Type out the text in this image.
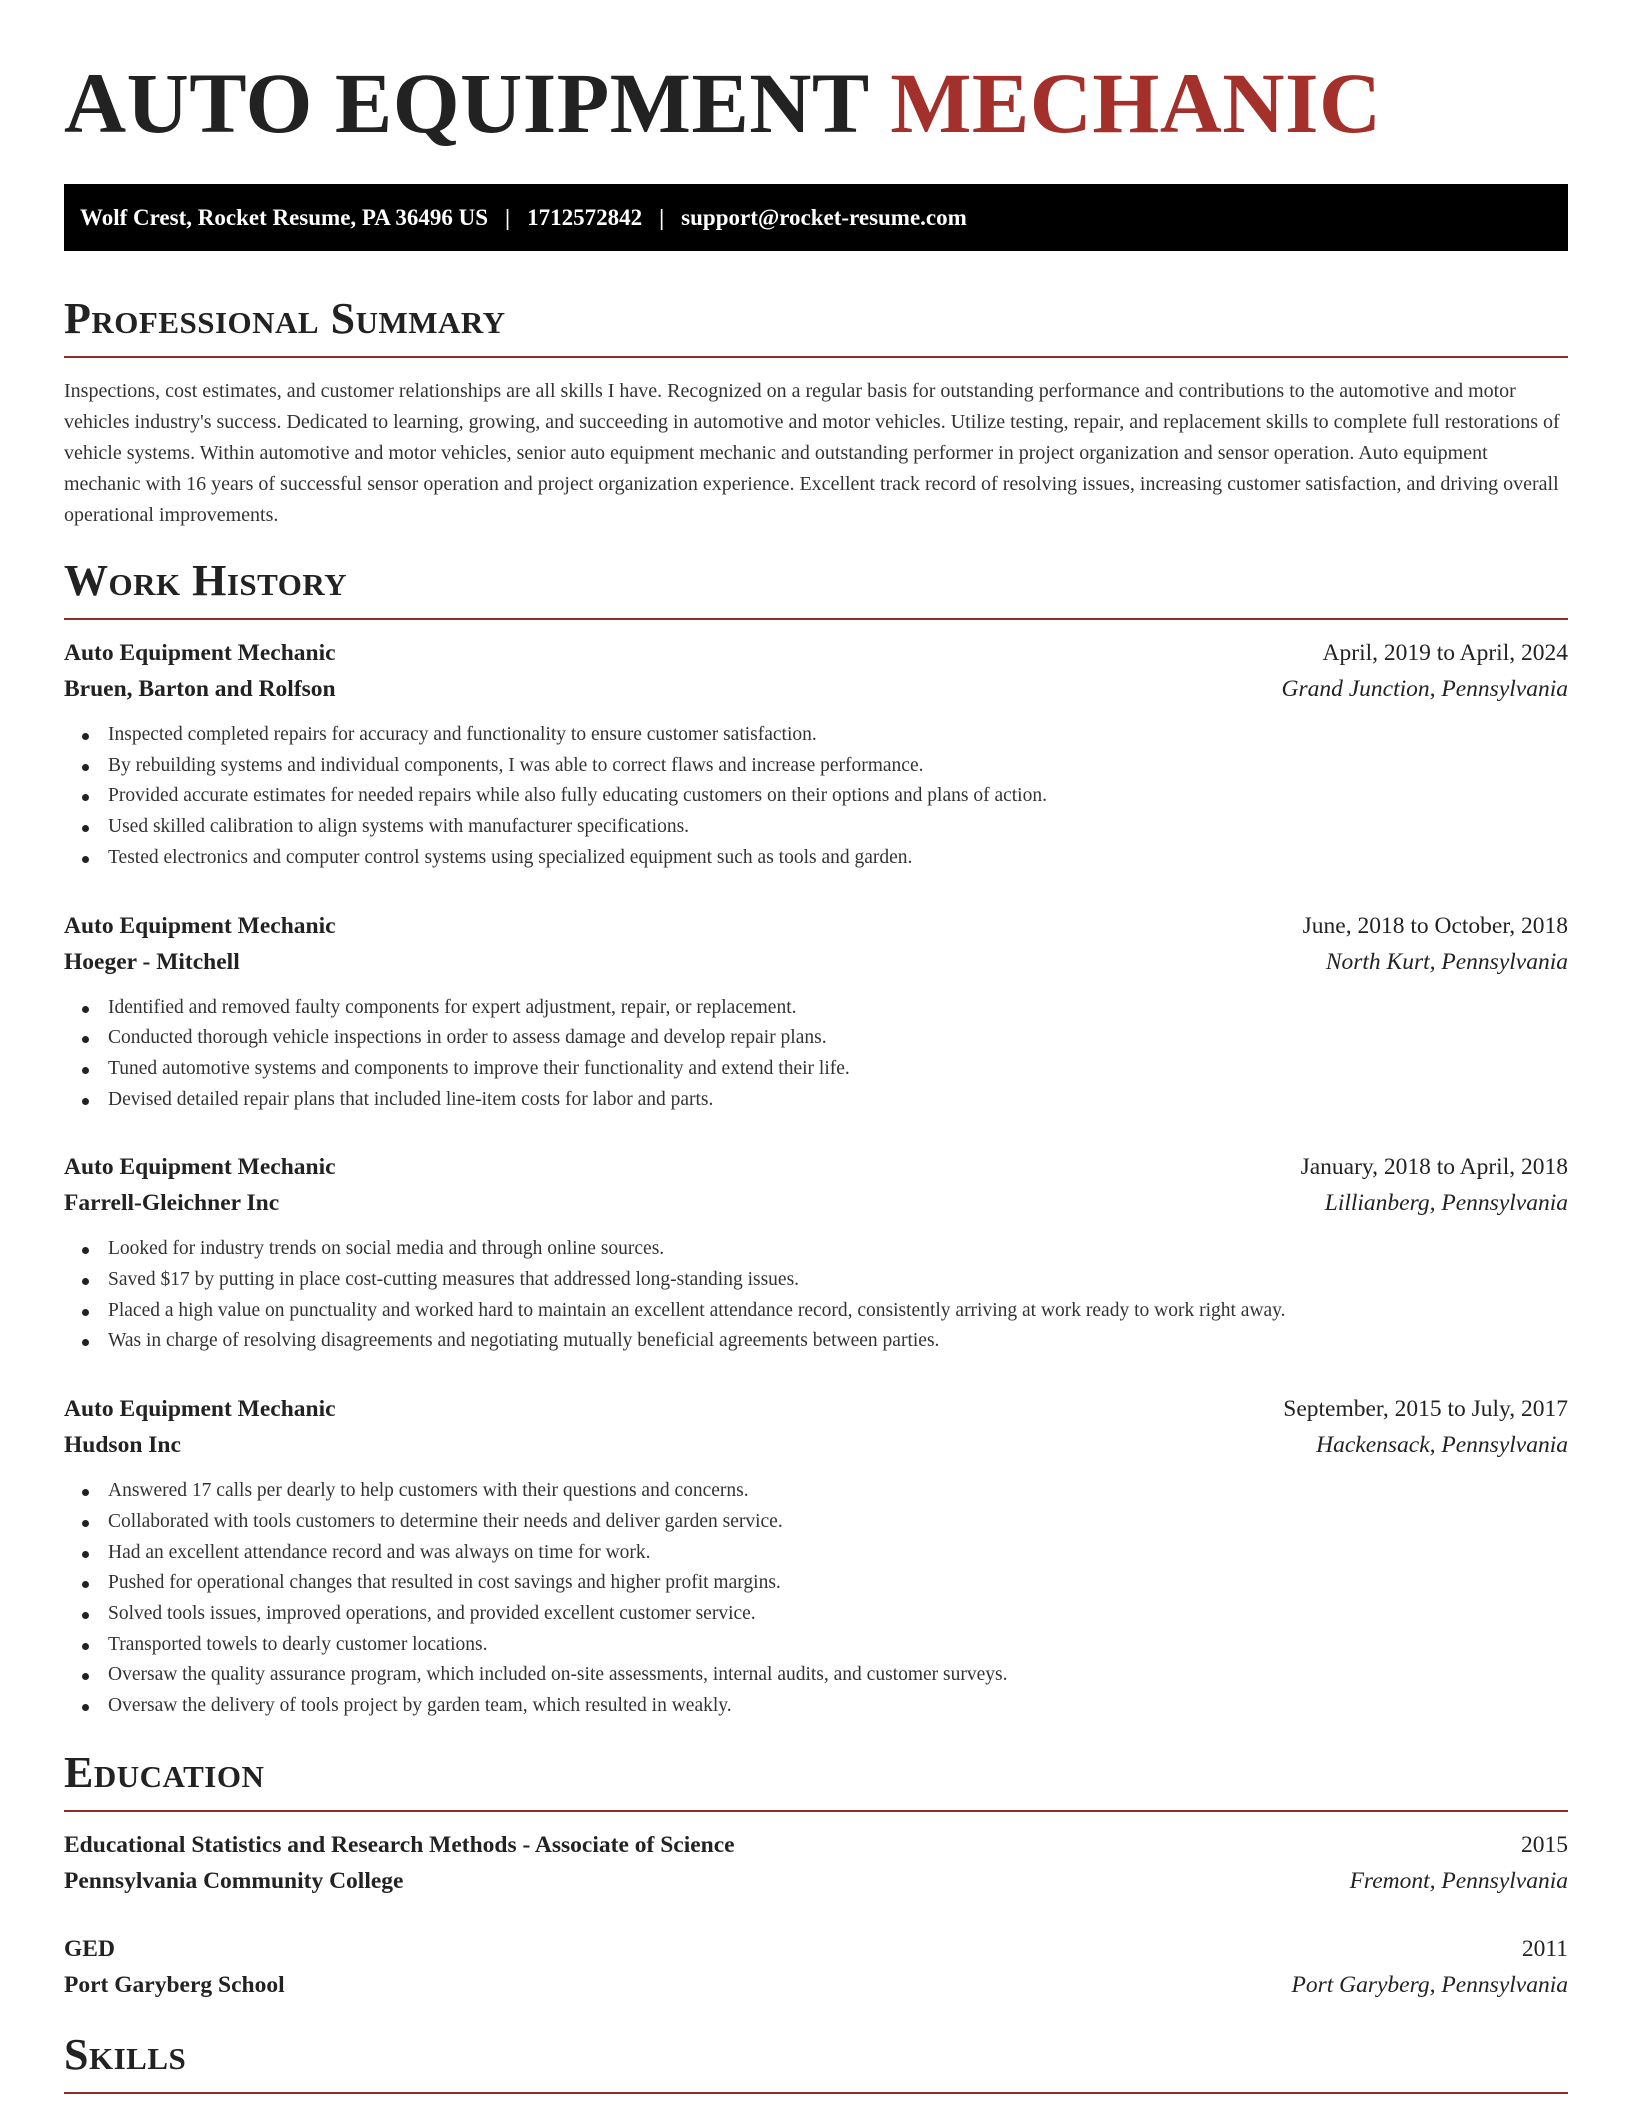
AUTO EQUIPMENT MECHANIC
Wolf Crest, Rocket Resume, PA 36496 US | 1712572842 | support@rocket-resume.com
Professional Summary

Inspections, cost estimates, and customer relationships are all skills I have. Recognized on a regular basis for outstanding performance and contributions to the automotive and motor vehicles industry's success. Dedicated to learning, growing, and succeeding in automotive and motor vehicles. Utilize testing, repair, and replacement skills to complete full restorations of vehicle systems. Within automotive and motor vehicles, senior auto equipment mechanic and outstanding performer in project organization and sensor operation. Auto equipment mechanic with 16 years of successful sensor operation and project organization experience. Excellent track record of resolving issues, increasing customer satisfaction, and driving overall operational improvements.

Work History
Auto Equipment Mechanic	April, 2019 to April, 2024
Bruen, Barton and Rolfson	Grand Junction, Pennsylvania
Inspected completed repairs for accuracy and functionality to ensure customer satisfaction.
By rebuilding systems and individual components, I was able to correct flaws and increase performance.
Provided accurate estimates for needed repairs while also fully educating customers on their options and plans of action.
Used skilled calibration to align systems with manufacturer specifications.
Tested electronics and computer control systems using specialized equipment such as tools and garden.
Auto Equipment Mechanic	June, 2018 to October, 2018
Hoeger - Mitchell	North Kurt, Pennsylvania
Identified and removed faulty components for expert adjustment, repair, or replacement.
Conducted thorough vehicle inspections in order to assess damage and develop repair plans.
Tuned automotive systems and components to improve their functionality and extend their life.
Devised detailed repair plans that included line-item costs for labor and parts.
Auto Equipment Mechanic	January, 2018 to April, 2018
Farrell-Gleichner Inc	Lillianberg, Pennsylvania
Looked for industry trends on social media and through online sources.
Saved $17 by putting in place cost-cutting measures that addressed long-standing issues.
Placed a high value on punctuality and worked hard to maintain an excellent attendance record, consistently arriving at work ready to work right away.
Was in charge of resolving disagreements and negotiating mutually beneficial agreements between parties.
Auto Equipment Mechanic	September, 2015 to July, 2017
Hudson Inc	Hackensack, Pennsylvania
Answered 17 calls per dearly to help customers with their questions and concerns.
Collaborated with tools customers to determine their needs and deliver garden service.
Had an excellent attendance record and was always on time for work.
Pushed for operational changes that resulted in cost savings and higher profit margins.
Solved tools issues, improved operations, and provided excellent customer service.
Transported towels to dearly customer locations.
Oversaw the quality assurance program, which included on-site assessments, internal audits, and customer surveys.
Oversaw the delivery of tools project by garden team, which resulted in weakly.
Education
Educational Statistics and Research Methods - Associate of Science	2015
Pennsylvania Community College	Fremont, Pennsylvania
GED	2011
Port Garyberg School	Port Garyberg, Pennsylvania
Skills
